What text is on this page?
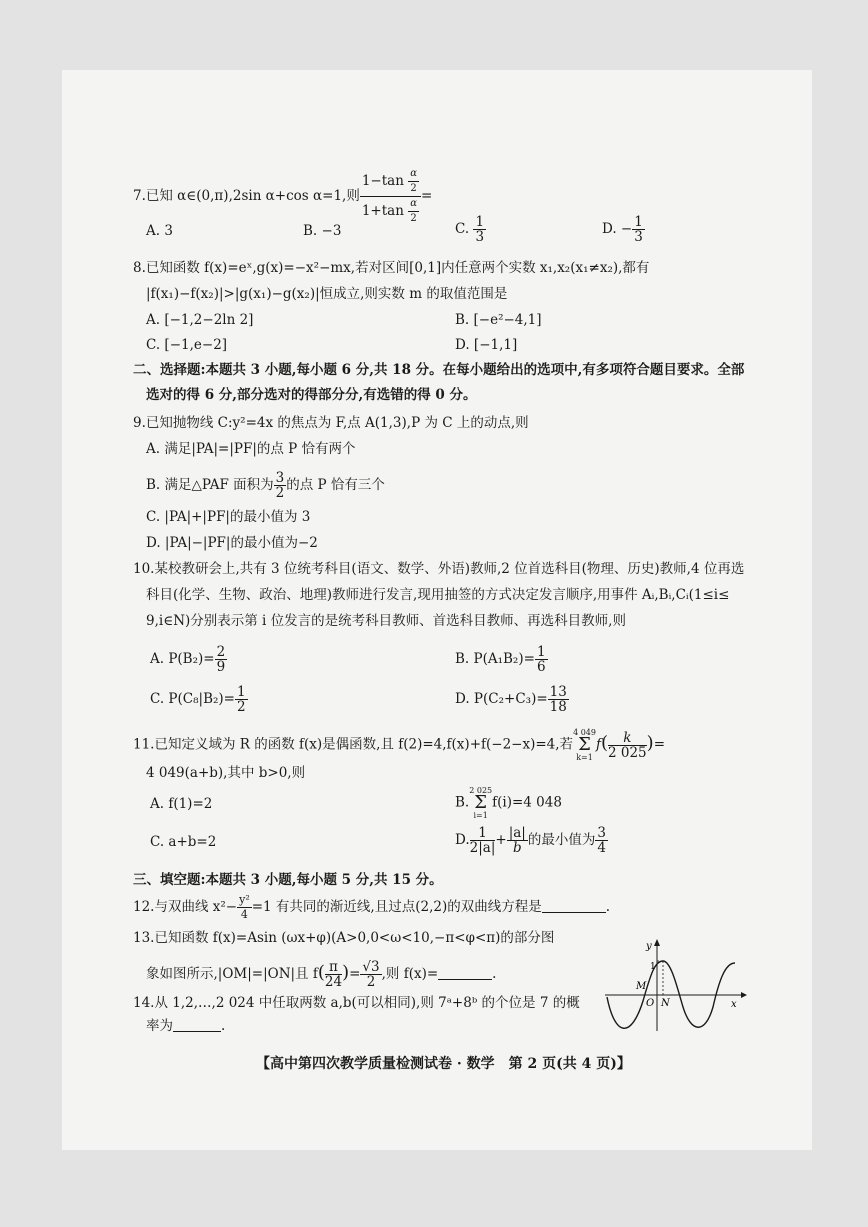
7.已知 α∈(0,π),2sin α+cos α=1,则 $\frac{1-\tan \frac{\alpha}{2}}{1+\tan \frac{\alpha}{2}}$ =
A. 3	B. −3	C. $\frac{1}{3}$	D. − $\frac{1}{3}$
8.已知函数 f(x)=eˣ,g(x)=−x²−mx,若对区间[0,1]内任意两个实数 x₁,x₂(x₁≠x₂),都有
|f(x₁)−f(x₂)|>|g(x₁)−g(x₂)|恒成立,则实数 m 的取值范围是
A. [−1,2−2ln 2]	B. [−e²−4,1]
C. [−1,e−2]	D. [−1,1]
二、选择题:本题共 3 小题,每小题 6 分,共 18 分。在每小题给出的选项中,有多项符合题目要求。全部
选对的得 6 分,部分选对的得部分分,有选错的得 0 分。
9.已知抛物线 C:y²=4x 的焦点为 F,点 A(1,3),P 为 C 上的动点,则
A. 满足|PA|=|PF|的点 P 恰有两个
B. 满足△PAF 面积为 $\frac{3}{2}$ 的点 P 恰有三个
C. |PA|+|PF|的最小值为 3
D. |PA|−|PF|的最小值为−2
10.某校教研会上,共有 3 位统考科目(语文、数学、外语)教师,2 位首选科目(物理、历史)教师,4 位再选
科目(化学、生物、政治、地理)教师进行发言,现用抽签的方式决定发言顺序,用事件 Aᵢ,Bᵢ,Cᵢ(1≤i≤
9,i∈N)分别表示第 i 位发言的是统考科目教师、首选科目教师、再选科目教师,则
A. $P(B_2)= \frac{2}{9}$	B. $P(A_1B_2)= \frac{1}{6}$
C. $P(C_8|B_2)= \frac{1}{2}$	D. $P(C_2+C_3)= \frac{13}{18}$
11.已知定义域为 R 的函数 f(x)是偶函数,且 f(2)=4,f(x)+f(−2−x)=4,若
4 049
Σ
k=1
$f( \frac{k}{2 025}$ )=
4 049(a+b),其中 b>0,则
A. f(1)=2	B.
2 025
Σ
i=1
f(i)=4 048
C. a+b=2	D. $\frac{1}{2|a|} + \frac{|a|}{b}$ 的最小值为 $\frac{3}{4}$
三、填空题:本题共 3 小题,每小题 5 分,共 15 分。
12.与双曲线 $x^2- \frac{\text{y²}}{4} =1$ 有共同的渐近线,且过点(2,2)的双曲线方程是	.
13.已知函数 f(x)=Asin (ωx+φ)(A>0,0<ω<10,−π<φ<π)的部分图
象如图所示,|OM|=|ON|且 $f( \frac{\pi}{24}$ )= $\frac{√3}{2}$ ,则 f(x)=	.
14.从 1,2,…,2 024 中任取两数 a,b(可以相同),则 7ᵃ+8ᵇ 的个位是 7 的概
率为	.
y
x
1
M
O N
【高中第四次教学质量检测试卷 · 数学　第 2 页(共 4 页)】
